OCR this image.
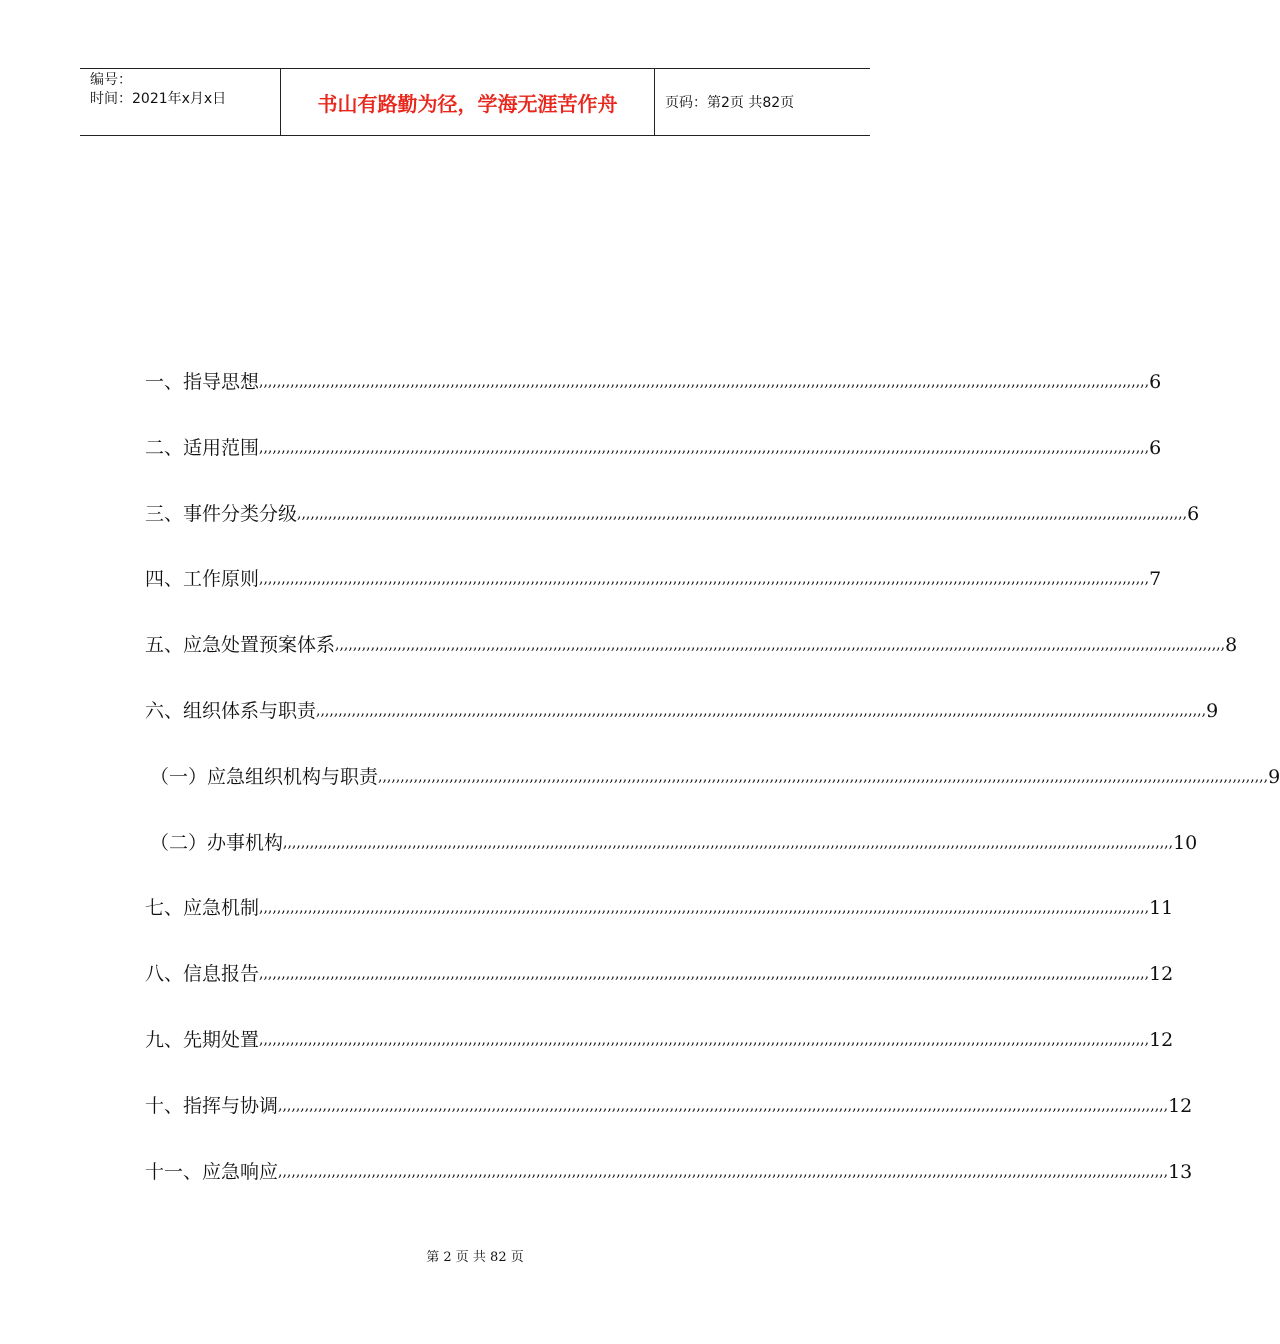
编号：
时间：2021年x月x日	书山有路勤为径，学海无涯苦作舟	页码：第2页 共82页
一、指导思想 ,,,,,,,,,,,,,,,,,,,,,,,,,,,,,,,,,,,,,,,,,,,,,,,,,,,,,,,,,,,,,,,,,,,,,,,,,,,,,,,,,,,,,,,,,,,,,,,,,,,,,,,,,,,,,,,,,,,,,,,,,,,,,,,,,,,,,,,,,,,,,,,,,,,,,,,,,,,,,,,,,,,,,,,,,,,,,,,,,,,,,,,,,,,,,,,,,,,,,,,, 6
二、适用范围 ,,,,,,,,,,,,,,,,,,,,,,,,,,,,,,,,,,,,,,,,,,,,,,,,,,,,,,,,,,,,,,,,,,,,,,,,,,,,,,,,,,,,,,,,,,,,,,,,,,,,,,,,,,,,,,,,,,,,,,,,,,,,,,,,,,,,,,,,,,,,,,,,,,,,,,,,,,,,,,,,,,,,,,,,,,,,,,,,,,,,,,,,,,,,,,,,,,,,,,,, 6
三、事件分类分级 ,,,,,,,,,,,,,,,,,,,,,,,,,,,,,,,,,,,,,,,,,,,,,,,,,,,,,,,,,,,,,,,,,,,,,,,,,,,,,,,,,,,,,,,,,,,,,,,,,,,,,,,,,,,,,,,,,,,,,,,,,,,,,,,,,,,,,,,,,,,,,,,,,,,,,,,,,,,,,,,,,,,,,,,,,,,,,,,,,,,,,,,,,,,,,,,,,,,,,,,, 6
四、工作原则 ,,,,,,,,,,,,,,,,,,,,,,,,,,,,,,,,,,,,,,,,,,,,,,,,,,,,,,,,,,,,,,,,,,,,,,,,,,,,,,,,,,,,,,,,,,,,,,,,,,,,,,,,,,,,,,,,,,,,,,,,,,,,,,,,,,,,,,,,,,,,,,,,,,,,,,,,,,,,,,,,,,,,,,,,,,,,,,,,,,,,,,,,,,,,,,,,,,,,,,,, 7
五、应急处置预案体系 ,,,,,,,,,,,,,,,,,,,,,,,,,,,,,,,,,,,,,,,,,,,,,,,,,,,,,,,,,,,,,,,,,,,,,,,,,,,,,,,,,,,,,,,,,,,,,,,,,,,,,,,,,,,,,,,,,,,,,,,,,,,,,,,,,,,,,,,,,,,,,,,,,,,,,,,,,,,,,,,,,,,,,,,,,,,,,,,,,,,,,,,,,,,,,,,,,,,,,,,, 8
六、组织体系与职责 ,,,,,,,,,,,,,,,,,,,,,,,,,,,,,,,,,,,,,,,,,,,,,,,,,,,,,,,,,,,,,,,,,,,,,,,,,,,,,,,,,,,,,,,,,,,,,,,,,,,,,,,,,,,,,,,,,,,,,,,,,,,,,,,,,,,,,,,,,,,,,,,,,,,,,,,,,,,,,,,,,,,,,,,,,,,,,,,,,,,,,,,,,,,,,,,,,,,,,,,, 9
（一）应急组织机构与职责 ,,,,,,,,,,,,,,,,,,,,,,,,,,,,,,,,,,,,,,,,,,,,,,,,,,,,,,,,,,,,,,,,,,,,,,,,,,,,,,,,,,,,,,,,,,,,,,,,,,,,,,,,,,,,,,,,,,,,,,,,,,,,,,,,,,,,,,,,,,,,,,,,,,,,,,,,,,,,,,,,,,,,,,,,,,,,,,,,,,,,,,,,,,,,,,,,,,,,,,,, 9
（二）办事机构 ,,,,,,,,,,,,,,,,,,,,,,,,,,,,,,,,,,,,,,,,,,,,,,,,,,,,,,,,,,,,,,,,,,,,,,,,,,,,,,,,,,,,,,,,,,,,,,,,,,,,,,,,,,,,,,,,,,,,,,,,,,,,,,,,,,,,,,,,,,,,,,,,,,,,,,,,,,,,,,,,,,,,,,,,,,,,,,,,,,,,,,,,,,,,,,,,,,,,,,,, 10
七、应急机制 ,,,,,,,,,,,,,,,,,,,,,,,,,,,,,,,,,,,,,,,,,,,,,,,,,,,,,,,,,,,,,,,,,,,,,,,,,,,,,,,,,,,,,,,,,,,,,,,,,,,,,,,,,,,,,,,,,,,,,,,,,,,,,,,,,,,,,,,,,,,,,,,,,,,,,,,,,,,,,,,,,,,,,,,,,,,,,,,,,,,,,,,,,,,,,,,,,,,,,,,, 11
八、信息报告 ,,,,,,,,,,,,,,,,,,,,,,,,,,,,,,,,,,,,,,,,,,,,,,,,,,,,,,,,,,,,,,,,,,,,,,,,,,,,,,,,,,,,,,,,,,,,,,,,,,,,,,,,,,,,,,,,,,,,,,,,,,,,,,,,,,,,,,,,,,,,,,,,,,,,,,,,,,,,,,,,,,,,,,,,,,,,,,,,,,,,,,,,,,,,,,,,,,,,,,,, 12
九、先期处置 ,,,,,,,,,,,,,,,,,,,,,,,,,,,,,,,,,,,,,,,,,,,,,,,,,,,,,,,,,,,,,,,,,,,,,,,,,,,,,,,,,,,,,,,,,,,,,,,,,,,,,,,,,,,,,,,,,,,,,,,,,,,,,,,,,,,,,,,,,,,,,,,,,,,,,,,,,,,,,,,,,,,,,,,,,,,,,,,,,,,,,,,,,,,,,,,,,,,,,,,, 12
十、指挥与协调 ,,,,,,,,,,,,,,,,,,,,,,,,,,,,,,,,,,,,,,,,,,,,,,,,,,,,,,,,,,,,,,,,,,,,,,,,,,,,,,,,,,,,,,,,,,,,,,,,,,,,,,,,,,,,,,,,,,,,,,,,,,,,,,,,,,,,,,,,,,,,,,,,,,,,,,,,,,,,,,,,,,,,,,,,,,,,,,,,,,,,,,,,,,,,,,,,,,,,,,,, 12
十一、应急响应 ,,,,,,,,,,,,,,,,,,,,,,,,,,,,,,,,,,,,,,,,,,,,,,,,,,,,,,,,,,,,,,,,,,,,,,,,,,,,,,,,,,,,,,,,,,,,,,,,,,,,,,,,,,,,,,,,,,,,,,,,,,,,,,,,,,,,,,,,,,,,,,,,,,,,,,,,,,,,,,,,,,,,,,,,,,,,,,,,,,,,,,,,,,,,,,,,,,,,,,,, 13
第 2 页 共 82 页
